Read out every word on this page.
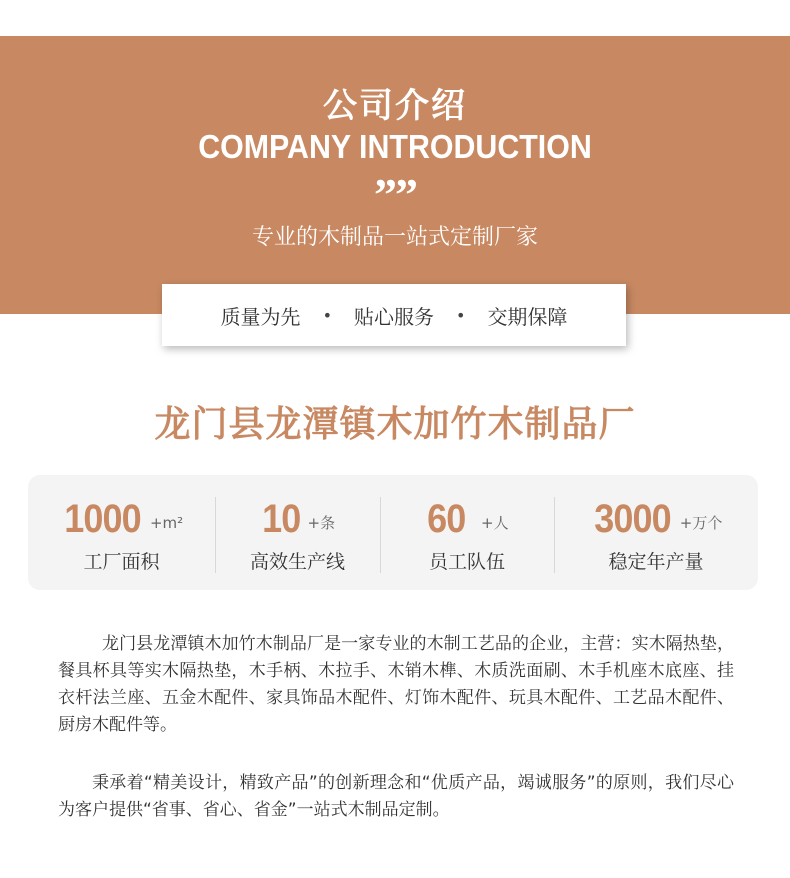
公司介绍
COMPANY INTRODUCTION
””
专业的木制品一站式定制厂家
质量为先 • 贴心服务 • 交期保障
龙门县龙潭镇木加竹木制品厂
1000 +m²
工厂面积
10 +条
高效生产线
60 +人
员工队伍
3000 +万个
稳定年产量

龙门县龙潭镇木加竹木制品厂是一家专业的木制工艺品的企业，主营：实木隔热垫，餐具杯具等实木隔热垫，木手柄、木拉手、木销木榫、木质洗面刷、木手机座木底座、挂衣杆法兰座、五金木配件、家具饰品木配件、灯饰木配件、玩具木配件、工艺品木配件、厨房木配件等。

秉承着“精美设计，精致产品”的创新理念和“优质产品，竭诚服务”的原则，我们尽心为客户提供“省事、省心、省金”一站式木制品定制。
